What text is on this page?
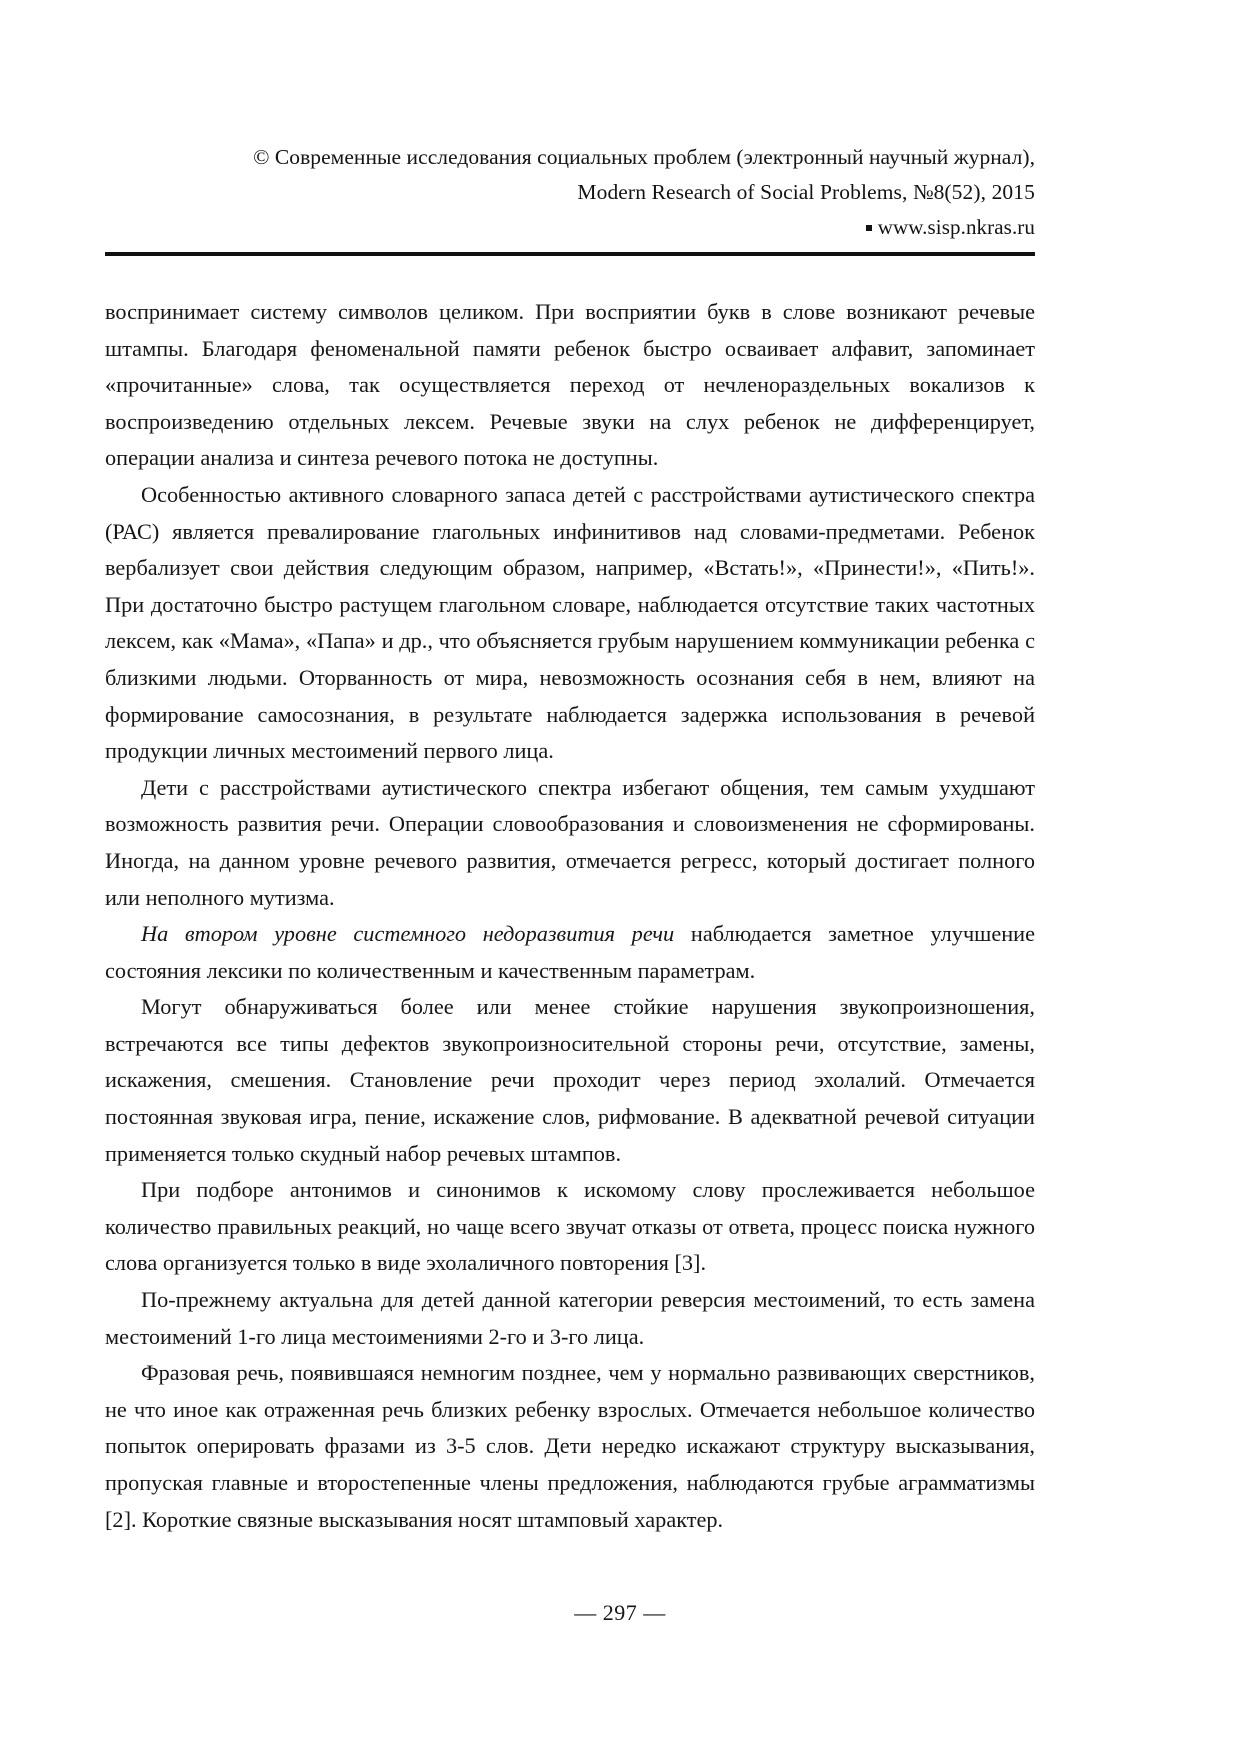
© Современные исследования социальных проблем (электронный научный журнал),
Modern Research of Social Problems, №8(52), 2015
www.sisp.nkras.ru

воспринимает систему символов целиком. При восприятии букв в слове возникают речевые штампы. Благодаря феноменальной памяти ребенок быстро осваивает алфавит, запоминает «прочитанные» слова, так осуществляется переход от нечленораздельных вокализов к воспроизведению отдельных лексем. Речевые звуки на слух ребенок не дифференцирует, операции анализа и синтеза речевого потока не доступны.

Особенностью активного словарного запаса детей с расстройствами аутистического спектра (РАС) является превалирование глагольных инфинитивов над словами-предметами. Ребенок вербализует свои действия следующим образом, например, «Встать!», «Принести!», «Пить!». При достаточно быстро растущем глагольном словаре, наблюдается отсутствие таких частотных лексем, как «Мама», «Папа» и др., что объясняется грубым нарушением коммуникации ребенка с близкими людьми. Оторванность от мира, невозможность осознания себя в нем, влияют на формирование самосознания, в результате наблюдается задержка использования в речевой продукции личных местоимений первого лица.

Дети с расстройствами аутистического спектра избегают общения, тем самым ухудшают возможность развития речи. Операции словообразования и словоизменения не сформированы. Иногда, на данном уровне речевого развития, отмечается регресс, который достигает полного или неполного мутизма.

На втором уровне системного недоразвития речи наблюдается заметное улучшение состояния лексики по количественным и качественным параметрам.

Могут обнаруживаться более или менее стойкие нарушения звукопроизношения, встречаются все типы дефектов звукопроизносительной стороны речи, отсутствие, замены, искажения, смешения. Становление речи проходит через период эхолалий. Отмечается постоянная звуковая игра, пение, искажение слов, рифмование. В адекватной речевой ситуации применяется только скудный набор речевых штампов.

При подборе антонимов и синонимов к искомому слову прослеживается небольшое количество правильных реакций, но чаще всего звучат отказы от ответа, процесс поиска нужного слова организуется только в виде эхолаличного повторения [3].

По-прежнему актуальна для детей данной категории реверсия местоимений, то есть замена местоимений 1-го лица местоимениями 2-го и 3-го лица.

Фразовая речь, появившаяся немногим позднее, чем у нормально развивающих сверстников, не что иное как отраженная речь близких ребенку взрослых. Отмечается небольшое количество попыток оперировать фразами из 3-5 слов. Дети нередко искажают структуру высказывания, пропуская главные и второстепенные члены предложения, наблюдаются грубые аграмматизмы [2]. Короткие связные высказывания носят штамповый характер.

— 297 —
